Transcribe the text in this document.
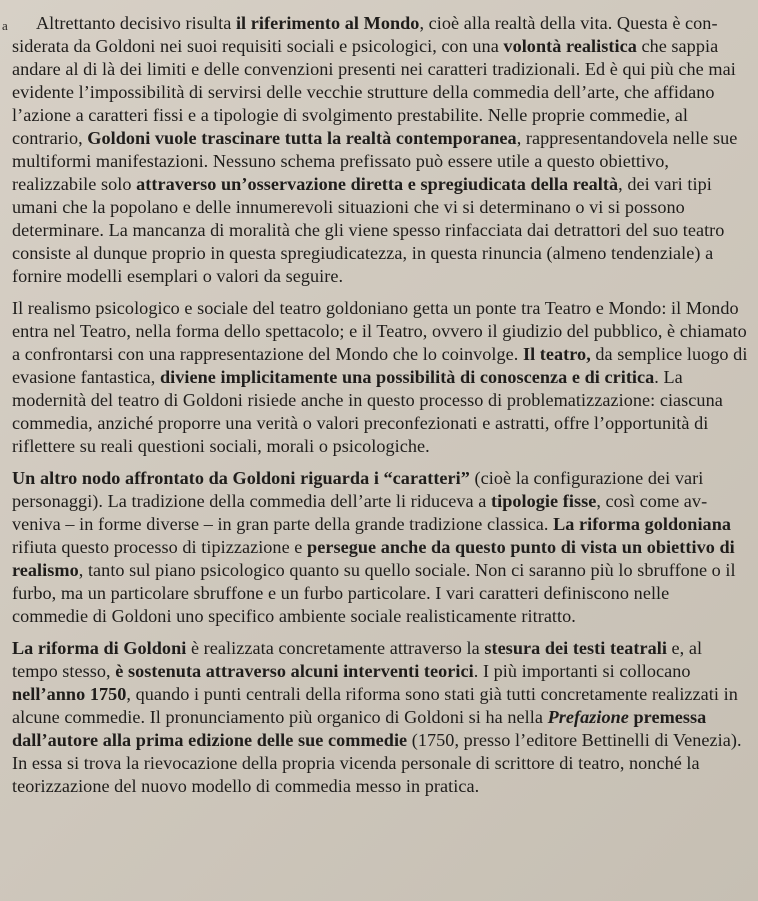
a	Altrettanto decisivo risulta il riferimento al Mondo, cioè alla realtà della vita. Questa è considerata da Goldoni nei suoi requisiti sociali e psicologici, con una volontà realistica che sappia andare al di là dei limiti e delle convenzioni presenti nei caratteri tradizionali. Ed è qui più che mai evidente l’impossibilità di servirsi delle vecchie strutture della commedia dell’arte, che affidano l’azione a caratteri fissi e a tipologie di svolgimento prestabilite. Nelle proprie commedie, al contrario, Goldoni vuole trascinare tutta la realtà contemporanea, rappresentandovela nelle sue multiformi manifestazioni. Nessuno schema prefissato può essere utile a questo obiettivo, realizzabile solo attraverso un’osservazione diretta e spregiudicata della realtà, dei vari tipi umani che la popolano e delle innumerevoli situazioni che vi si determinano o vi si possono determinare. La mancanza di moralità che gli viene spesso rinfacciata dai detrattori del suo teatro consiste al dunque proprio in questa spregiudicatezza, in questa rinuncia (almeno tendenziale) a fornire modelli esemplari o valori da seguire.

Il realismo psicologico e sociale del teatro goldoniano getta un ponte tra Teatro e Mondo: il Mondo entra nel Teatro, nella forma dello spettacolo; e il Teatro, ovvero il giudizio del pubblico, è chiamato a confrontarsi con una rappresentazione del Mondo che lo coinvolge. Il teatro, da semplice luogo di evasione fantastica, diviene implicitamente una possibilità di conoscenza e di critica. La modernità del teatro di Goldoni risiede anche in questo processo di problematizzazione: ciascuna commedia, anziché proporre una verità o valori preconfezionati e astratti, offre l’opportunità di riflettere su reali questioni sociali, morali o psicologiche.

Un altro nodo affrontato da Goldoni riguarda i “caratteri” (cioè la configurazione dei vari personaggi). La tradizione della commedia dell’arte li riduceva a tipologie fisse, così come avveniva – in forme diverse – in gran parte della grande tradizione classica. La riforma goldoniana rifiuta questo processo di tipizzazione e persegue anche da questo punto di vista un obiettivo di realismo, tanto sul piano psicologico quanto su quello sociale. Non ci saranno più lo sbruffone o il furbo, ma un particolare sbruffone e un furbo particolare. I vari caratteri definiscono nelle commedie di Goldoni uno specifico ambiente sociale realisticamente ritratto.

La riforma di Goldoni è realizzata concretamente attraverso la stesura dei testi teatrali e, al tempo stesso, è sostenuta attraverso alcuni interventi teorici. I più importanti si collocano nell’anno 1750, quando i punti centrali della riforma sono stati già tutti concretamente realizzati in alcune commedie. Il pronunciamento più organico di Goldoni si ha nella Prefazione premessa dall’autore alla prima edizione delle sue commedie (1750, presso l’editore Bettinelli di Venezia). In essa si trova la rievocazione della propria vicenda personale di scrittore di teatro, nonché la teorizzazione del nuovo modello di commedia messo in pratica.
